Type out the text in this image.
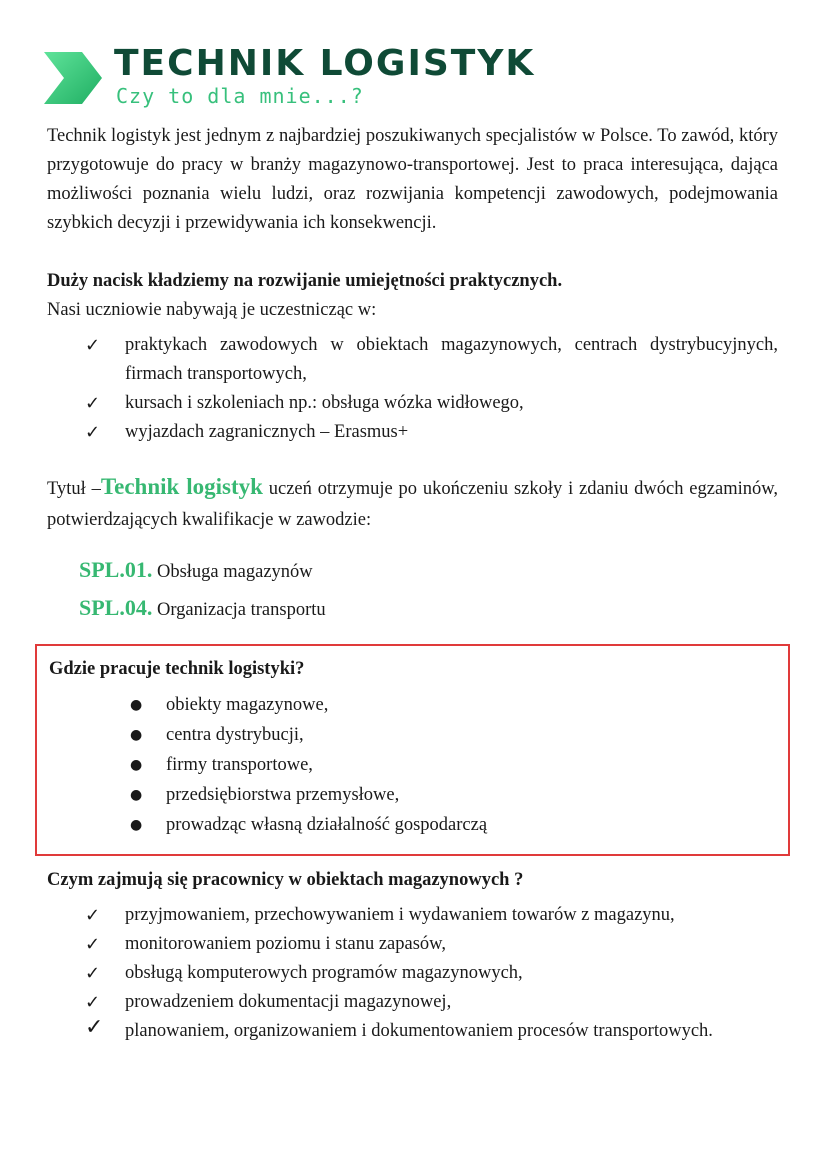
TECHNIK LOGISTYK
Czy to dla mnie...?

Technik logistyk jest jednym z najbardziej poszukiwanych specjalistów w Polsce. To zawód, który przygotowuje do pracy w branży magazynowo-transportowej. Jest to praca interesująca, dająca możliwości poznania wielu ludzi, oraz rozwijania kompetencji zawodowych, podejmowania szybkich decyzji i przewidywania ich konsekwencji.

Duży nacisk kładziemy na rozwijanie umiejętności praktycznych.

Nasi uczniowie nabywają je uczestnicząc w:

✓ praktykach zawodowych w obiektach magazynowych, centrach dystrybucyjnych, firmach transportowych,
✓ kursach i szkoleniach np.: obsługa wózka widłowego,
✓ wyjazdach zagranicznych – Erasmus+

Tytuł –Technik logistyk uczeń otrzymuje po ukończeniu szkoły i zdaniu dwóch egzaminów, potwierdzających kwalifikacje w zawodzie:

SPL.01. Obsługa magazynów
SPL.04. Organizacja transportu

Gdzie pracuje technik logistyki?

● obiekty magazynowe,
● centra dystrybucji,
● firmy transportowe,
● przedsiębiorstwa przemysłowe,
● prowadząc własną działalność gospodarczą

Czym zajmują się pracownicy w obiektach magazynowych ?

✓ przyjmowaniem, przechowywaniem i wydawaniem towarów z magazynu,
✓ monitorowaniem poziomu i stanu zapasów,
✓ obsługą komputerowych programów magazynowych,
✓ prowadzeniem dokumentacji magazynowej,
✓ planowaniem, organizowaniem i dokumentowaniem procesów transportowych.
